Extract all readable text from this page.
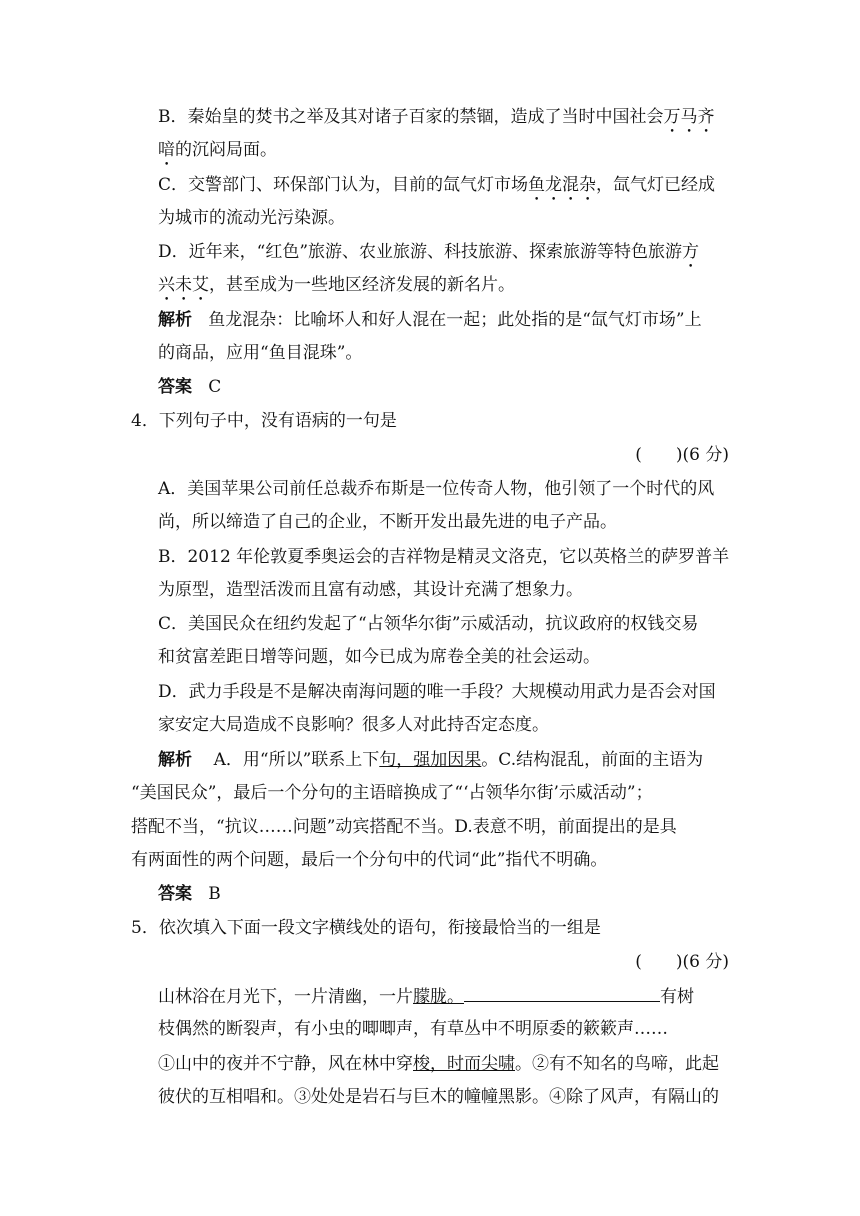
B．秦始皇的焚书之举及其对诸子百家的禁锢，造成了当时中国社会万马齐
喑的沉闷局面。
C．交警部门、环保部门认为，目前的氙气灯市场鱼龙混杂，氙气灯已经成
为城市的流动光污染源。
D．近年来，“红色”旅游、农业旅游、科技旅游、探索旅游等特色旅游方
兴未艾，甚至成为一些地区经济发展的新名片。
解析 鱼龙混杂：比喻坏人和好人混在一起；此处指的是“氙气灯市场”上
的商品，应用“鱼目混珠”。
答案 C
4．下列句子中，没有语病的一句是
(　　)(6 分)
A．美国苹果公司前任总裁乔布斯是一位传奇人物，他引领了一个时代的风
尚，所以缔造了自己的企业，不断开发出最先进的电子产品。
B．2012 年伦敦夏季奥运会的吉祥物是精灵文洛克，它以英格兰的萨罗普羊
为原型，造型活泼而且富有动感，其设计充满了想象力。
C．美国民众在纽约发起了“占领华尔街”示威活动，抗议政府的权钱交易
和贫富差距日增等问题，如今已成为席卷全美的社会运动。
D．武力手段是不是解决南海问题的唯一手段？大规模动用武力是否会对国
家安定大局造成不良影响？很多人对此持否定态度。
解析 A．用“所以”联系上下句，强加因果。C.结构混乱，前面的主语为
“美国民众”，最后一个分句的主语暗换成了“‘占领华尔街’示威活动”；
搭配不当，“抗议……问题”动宾搭配不当。D.表意不明，前面提出的是具
有两面性的两个问题，最后一个分句中的代词“此”指代不明确。
答案 B
5．依次填入下面一段文字横线处的语句，衔接最恰当的一组是
(　　)(6 分)
山林浴在月光下，一片清幽，一片朦胧。	有树
枝偶然的断裂声，有小虫的唧唧声，有草丛中不明原委的簌簌声……
①山中的夜并不宁静，风在林中穿梭，时而尖啸。②有不知名的鸟啼，此起
彼伏的互相唱和。③处处是岩石与巨木的幢幢黑影。④除了风声，有隔山的
